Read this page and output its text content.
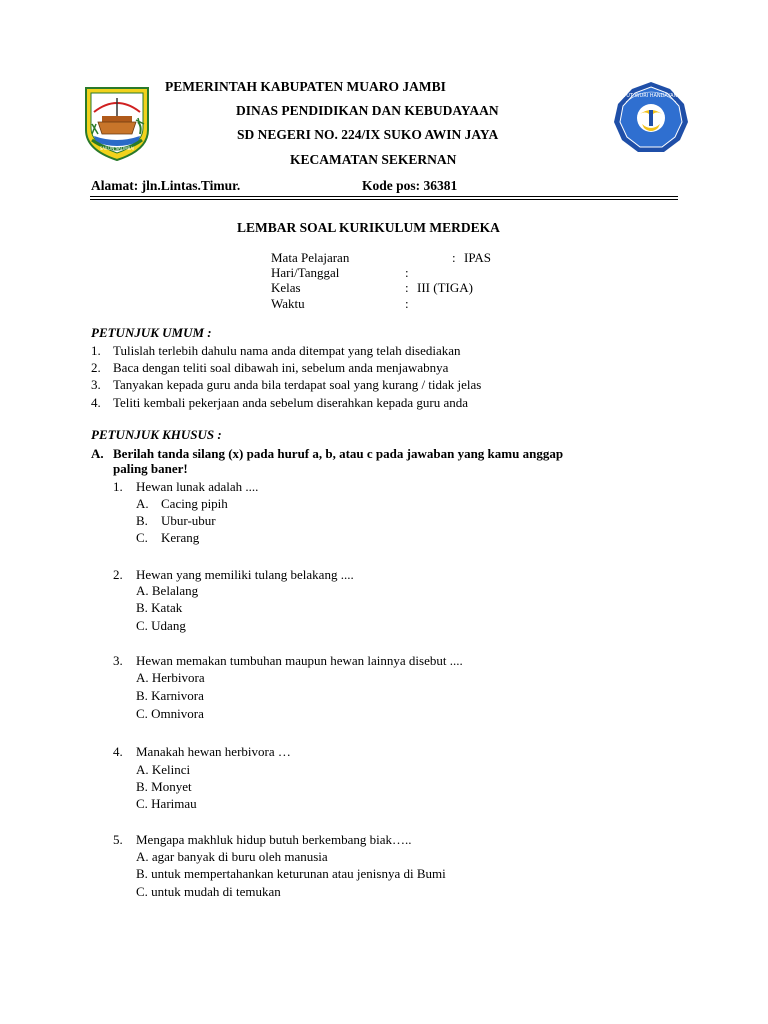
SAILUN SALIMBAI
TUT WURI HANDAYANI
PEMERINTAH KABUPATEN MUARO JAMBI
DINAS PENDIDIKAN DAN KEBUDAYAAN
SD NEGERI NO. 224/IX SUKO AWIN JAYA
KECAMATAN SEKERNAN
Alamat: jln.Lintas.Timur.	Kode pos: 36381
LEMBAR SOAL KURIKULUM MERDEKA
Mata Pelajaran	: IPAS
Hari/Tanggal	:
Kelas	: III (TIGA)
Waktu	:
PETUNJUK UMUM :
1. Tulislah terlebih dahulu nama anda ditempat yang telah disediakan
2. Baca dengan teliti soal dibawah ini, sebelum anda menjawabnya
3. Tanyakan kepada guru anda bila terdapat soal yang kurang / tidak jelas
4. Teliti kembali pekerjaan anda sebelum diserahkan kepada guru anda
PETUNJUK KHUSUS :
A. Berilah tanda silang (x) pada huruf a, b, atau c pada jawaban yang kamu anggap
paling baner!
1. Hewan lunak adalah ....
A. Cacing pipih
B. Ubur-ubur
C. Kerang
2. Hewan yang memiliki tulang belakang ....
A. Belalang
B. Katak
C. Udang
3. Hewan memakan tumbuhan maupun hewan lainnya disebut ....
A. Herbivora
B. Karnivora
C. Omnivora
4. Manakah hewan herbivora …
A. Kelinci
B. Monyet
C. Harimau
5. Mengapa makhluk hidup butuh berkembang biak…..
A. agar banyak di buru oleh manusia
B. untuk mempertahankan keturunan atau jenisnya di Bumi
C. untuk mudah di temukan
